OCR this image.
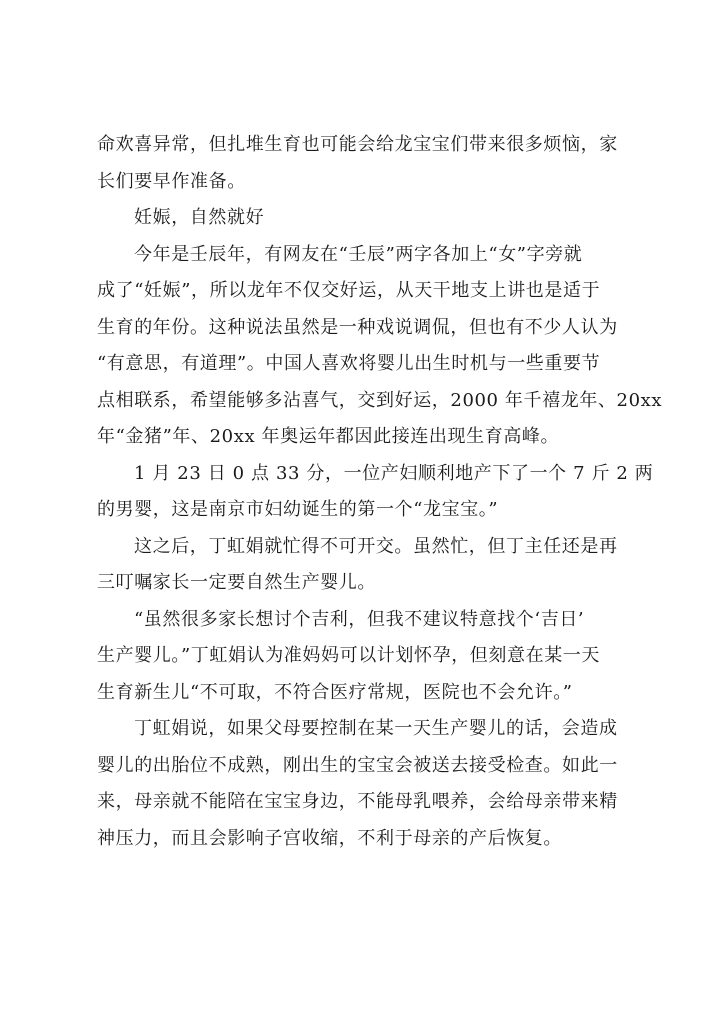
命欢喜异常，但扎堆生育也可能会给龙宝宝们带来很多烦恼，家
长们要早作准备。
妊娠，自然就好
今年是壬辰年，有网友在“壬辰”两字各加上“女”字旁就
成了“妊娠”，所以龙年不仅交好运，从天干地支上讲也是适于
生育的年份。这种说法虽然是一种戏说调侃，但也有不少人认为
“有意思，有道理”。中国人喜欢将婴儿出生时机与一些重要节
点相联系，希望能够多沾喜气，交到好运，2000 年千禧龙年、20xx
年“金猪”年、20xx 年奥运年都因此接连出现生育高峰。
1 月 23 日 0 点 33 分，一位产妇顺利地产下了一个 7 斤 2 两
的男婴，这是南京市妇幼诞生的第一个“龙宝宝。”
这之后，丁虹娟就忙得不可开交。虽然忙，但丁主任还是再
三叮嘱家长一定要自然生产婴儿。
“虽然很多家长想讨个吉利，但我不建议特意找个‘吉日’
生产婴儿。”丁虹娟认为准妈妈可以计划怀孕，但刻意在某一天
生育新生儿“不可取，不符合医疗常规，医院也不会允许。”
丁虹娟说，如果父母要控制在某一天生产婴儿的话，会造成
婴儿的出胎位不成熟，刚出生的宝宝会被送去接受检查。如此一
来，母亲就不能陪在宝宝身边，不能母乳喂养，会给母亲带来精
神压力，而且会影响子宫收缩，不利于母亲的产后恢复。
